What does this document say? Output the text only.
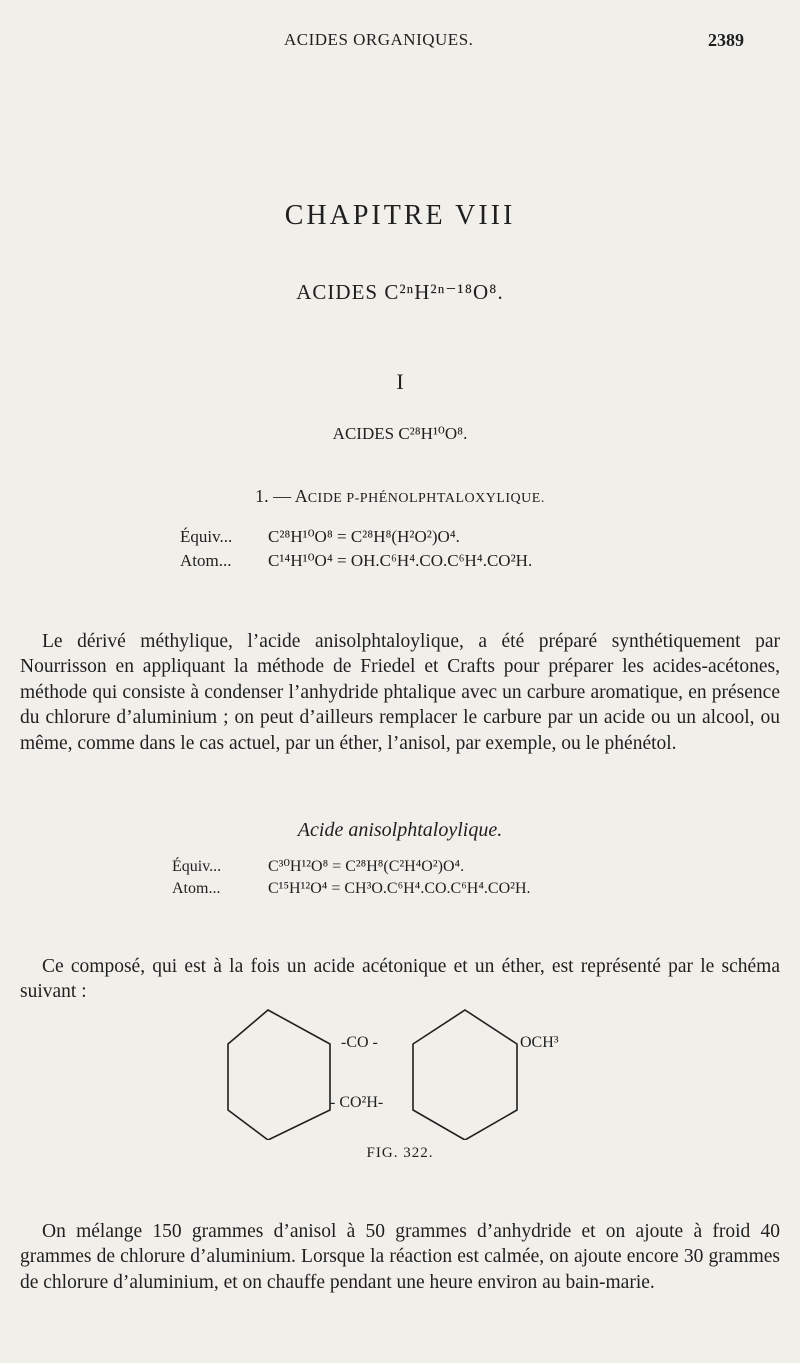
ACIDES ORGANIQUES.	2389
CHAPITRE VIII
ACIDES C²ⁿH²ⁿ⁻¹⁸O⁸.
I
ACIDES C²⁸H¹⁰O⁸.
1. — ACIDE P-PHÉNOLPHTALOXYLIQUE.
Équiv... C²⁸H¹⁰O⁸ = C²⁸H⁸(H²O²)O⁴.
Atom... C¹⁴H¹⁰O⁴ = OH.C⁶H⁴.CO.C⁶H⁴.CO²H.

Le dérivé méthylique, l’acide anisolphtaloylique, a été préparé synthétiquement par Nourrisson en appliquant la méthode de Friedel et Crafts pour préparer les acides-acétones, méthode qui consiste à condenser l’anhydride phtalique avec un carbure aromatique, en présence du chlorure d’aluminium ; on peut d’ailleurs remplacer le carbure par un acide ou un alcool, ou même, comme dans le cas actuel, par un éther, l’anisol, par exemple, ou le phénétol.

Acide anisolphtaloylique.
Équiv...	C³⁰H¹²O⁸ = C²⁸H⁸(C²H⁴O²)O⁴.
Atom...	C¹⁵H¹²O⁴ = CH³O.C⁶H⁴.CO.C⁶H⁴.CO²H.

Ce composé, qui est à la fois un acide acétonique et un éther, est représenté par le schéma suivant :

-CO -
- CO²H-
OCH³
FIG. 322.

On mélange 150 grammes d’anisol à 50 grammes d’anhydride et on ajoute à froid 40 grammes de chlorure d’aluminium. Lorsque la réaction est calmée, on ajoute encore 30 grammes de chlorure d’aluminium, et on chauffe pendant une heure environ au bain-marie.
